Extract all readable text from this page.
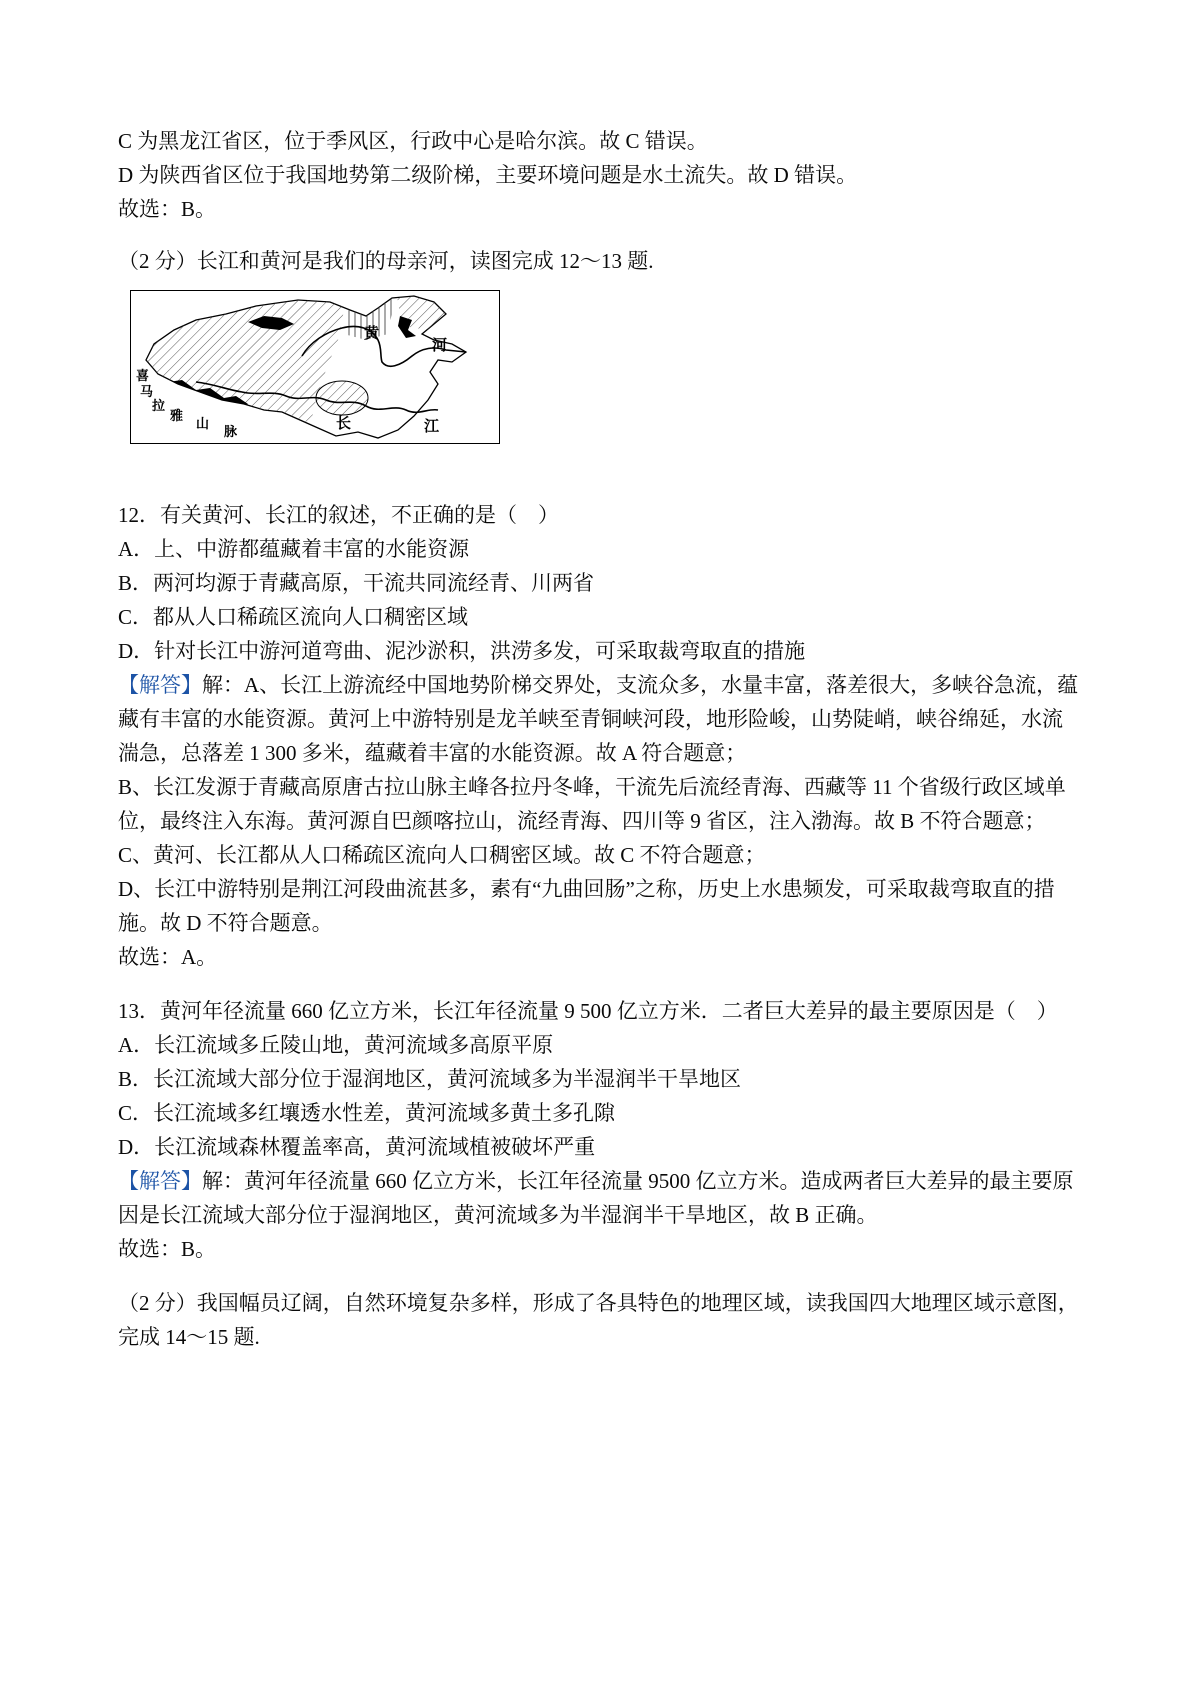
C 为黑龙江省区，位于季风区，行政中心是哈尔滨。故 C 错误。

D 为陕西省区位于我国地势第二级阶梯，主要环境问题是水土流失。故 D 错误。

故选：B。

（2 分）长江和黄河是我们的母亲河，读图完成 12～13 题.

喜
马
拉
雅
山
脉
黄
河
长	江

12．有关黄河、长江的叙述，不正确的是（　）

A．上、中游都蕴藏着丰富的水能资源

B．两河均源于青藏高原，干流共同流经青、川两省

C．都从人口稀疏区流向人口稠密区域

D．针对长江中游河道弯曲、泥沙淤积，洪涝多发，可采取裁弯取直的措施

【解答】解：A、长江上游流经中国地势阶梯交界处，支流众多，水量丰富，落差很大，多峡谷急流，蕴藏有丰富的水能资源。黄河上中游特别是龙羊峡至青铜峡河段，地形险峻，山势陡峭，峡谷绵延，水流湍急，总落差 1 300 多米，蕴藏着丰富的水能资源。故 A 符合题意；

B、长江发源于青藏高原唐古拉山脉主峰各拉丹冬峰，干流先后流经青海、西藏等 11 个省级行政区域单位，最终注入东海。黄河源自巴颜喀拉山，流经青海、四川等 9 省区，注入渤海。故 B 不符合题意；

C、黄河、长江都从人口稀疏区流向人口稠密区域。故 C 不符合题意；

D、长江中游特别是荆江河段曲流甚多，素有“九曲回肠”之称，历史上水患频发，可采取裁弯取直的措施。故 D 不符合题意。

故选：A。

13．黄河年径流量 660 亿立方米，长江年径流量 9 500 亿立方米．二者巨大差异的最主要原因是（　）

A．长江流域多丘陵山地，黄河流域多高原平原

B．长江流域大部分位于湿润地区，黄河流域多为半湿润半干旱地区

C．长江流域多红壤透水性差，黄河流域多黄土多孔隙

D．长江流域森林覆盖率高，黄河流域植被破坏严重

【解答】解：黄河年径流量 660 亿立方米，长江年径流量 9500 亿立方米。造成两者巨大差异的最主要原因是长江流域大部分位于湿润地区，黄河流域多为半湿润半干旱地区，故 B 正确。

故选：B。

（2 分）我国幅员辽阔，自然环境复杂多样，形成了各具特色的地理区域，读我国四大地理区域示意图，完成 14～15 题.
